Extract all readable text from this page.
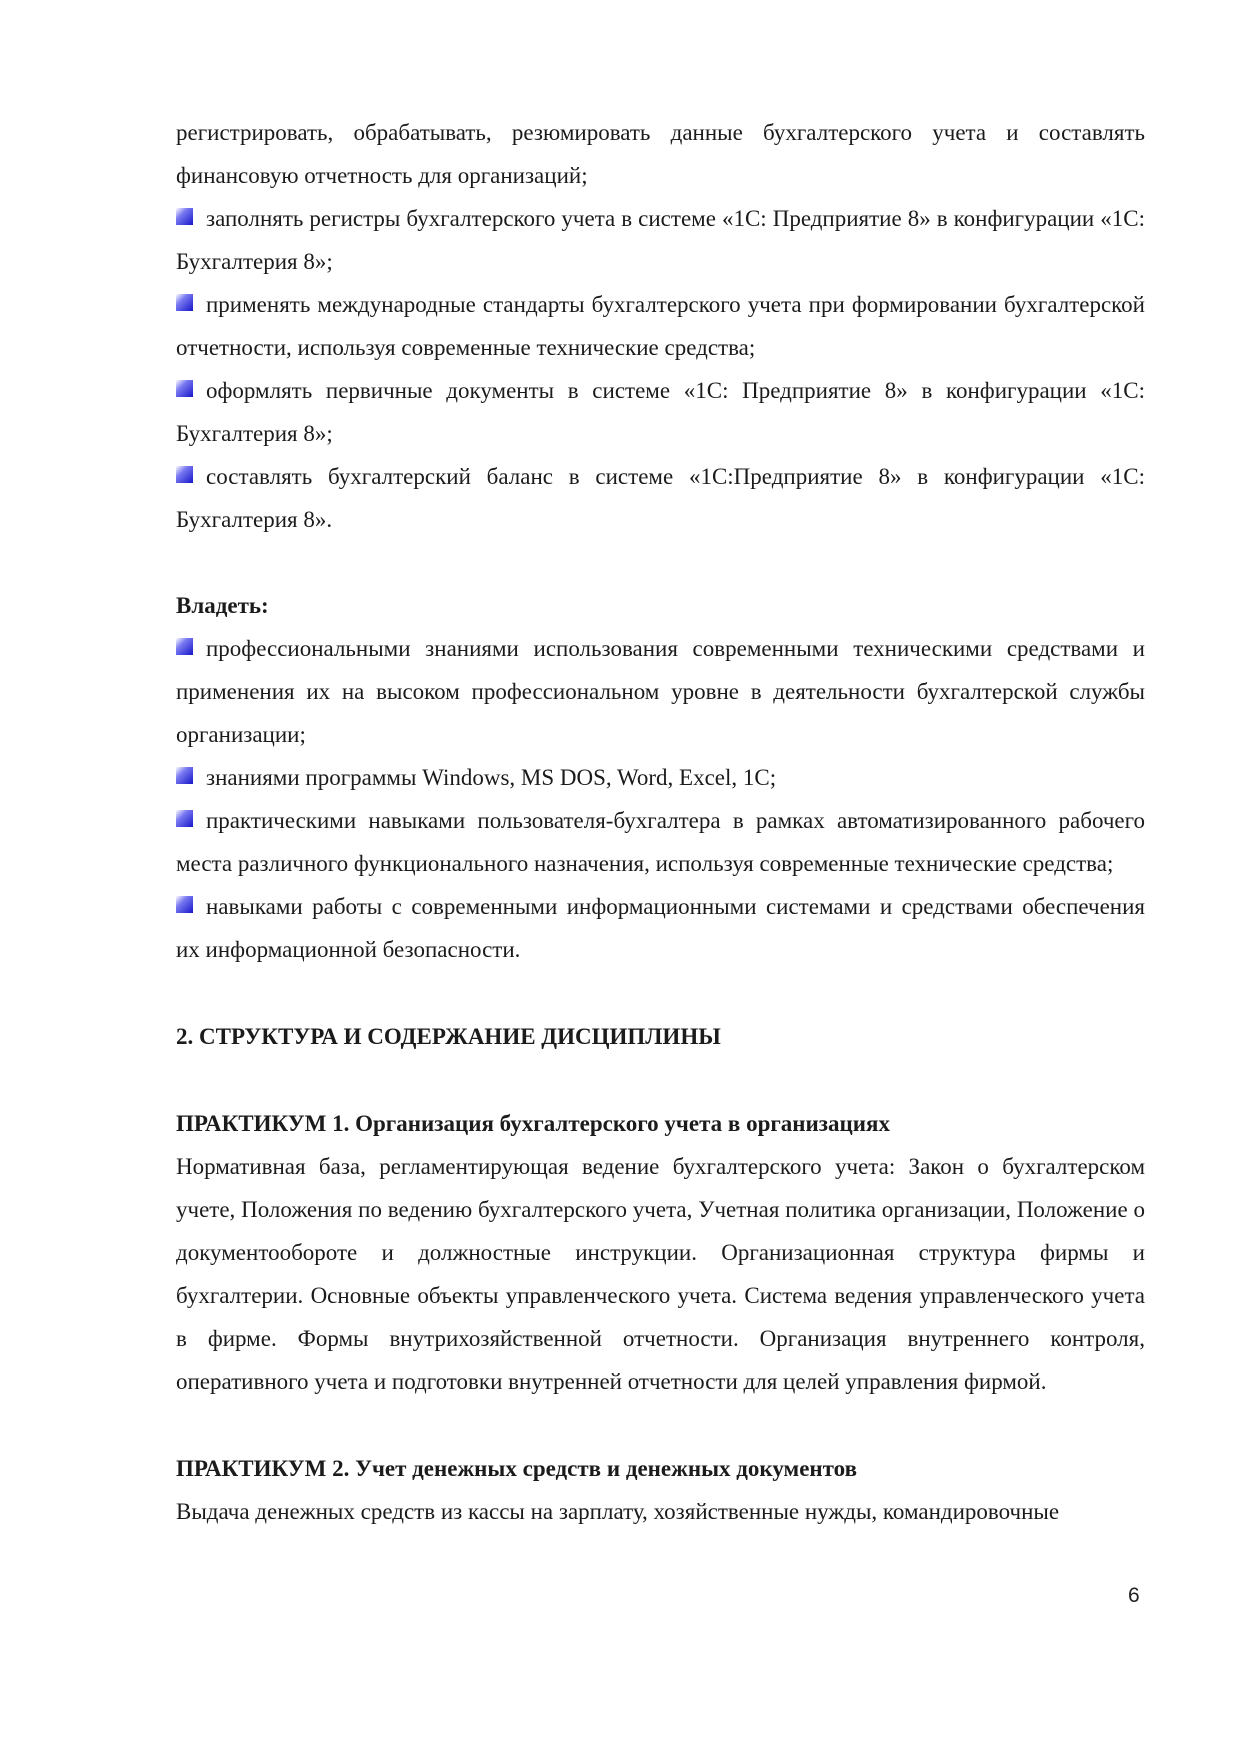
регистрировать, обрабатывать, резюмировать данные бухгалтерского учета и составлять финансовую отчетность для организаций;

заполнять регистры бухгалтерского учета в системе «1С: Предприятие 8» в конфигурации «1С: Бухгалтерия 8»;

применять международные стандарты бухгалтерского учета при формировании бухгалтерской отчетности, используя современные технические средства;

оформлять первичные документы в системе «1С: Предприятие 8» в конфигурации «1С: Бухгалтерия 8»;

составлять бухгалтерский баланс в системе «1С:Предприятие 8» в конфигурации «1С: Бухгалтерия 8».

Владеть:

профессиональными знаниями использования современными техническими средствами и применения их на высоком профессиональном уровне в деятельности бухгалтерской службы организации;

знаниями программы Windows, MS DOS, Word, Excel, 1С;

практическими навыками пользователя-бухгалтера в рамках автоматизированного рабочего места различного функционального назначения, используя современные технические средства;

навыками работы с современными информационными системами и средствами обеспечения их информационной безопасности.

2. СТРУКТУРА И СОДЕРЖАНИЕ ДИСЦИПЛИНЫ

ПРАКТИКУМ 1. Организация бухгалтерского учета в организациях

Нормативная база, регламентирующая ведение бухгалтерского учета: Закон о бухгалтерском учете, Положения по ведению бухгалтерского учета, Учетная политика организации, Положение о документообороте и должностные инструкции. Организационная структура фирмы и бухгалтерии. Основные объекты управленческого учета. Система ведения управленческого учета в фирме. Формы внутрихозяйственной отчетности. Организация внутреннего контроля, оперативного учета и подготовки внутренней отчетности для целей управления фирмой.

ПРАКТИКУМ 2. Учет денежных средств и денежных документов

Выдача денежных средств из кассы на зарплату, хозяйственные нужды, командировочные

6
